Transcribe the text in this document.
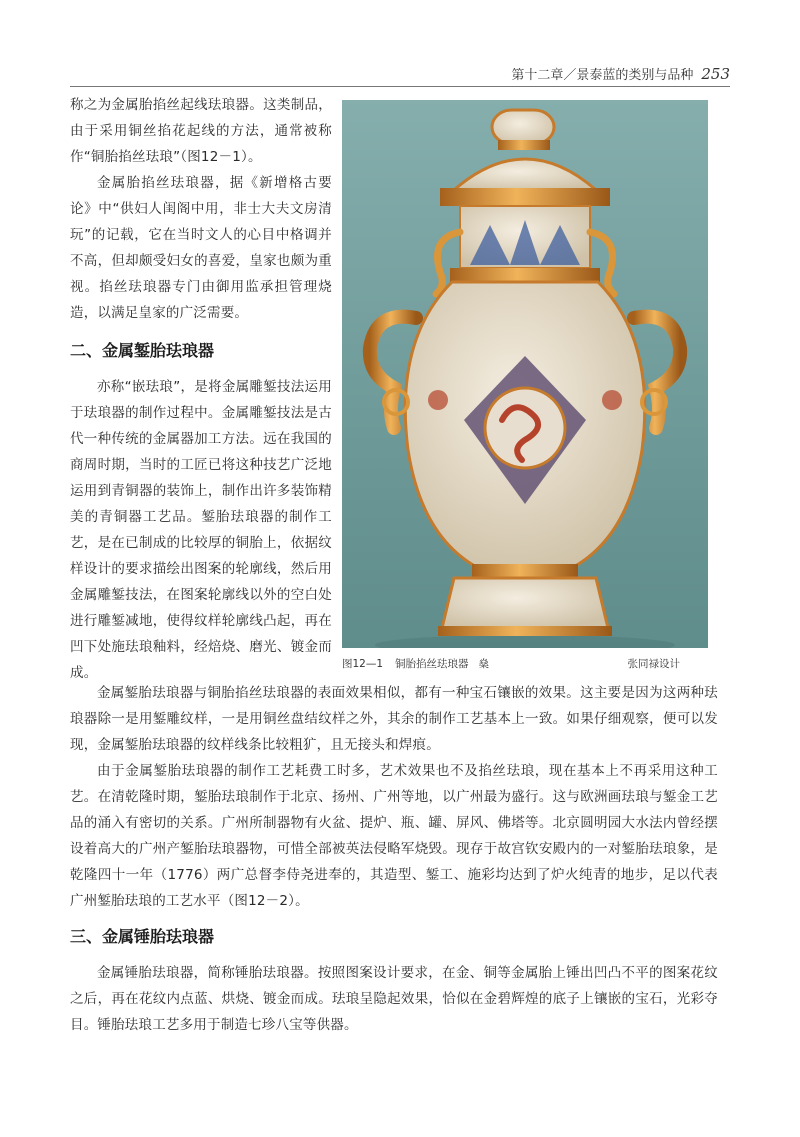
第十二章／景泰蓝的类别与品种 253

称之为金属胎掐丝起线珐琅器。这类制品，由于采用铜丝掐花起线的方法，通常被称作“铜胎掐丝珐琅”（图12－1）。

金属胎掐丝珐琅器，据《新增格古要论》中“供妇人闺阁中用，非士大夫文房清玩”的记载，它在当时文人的心目中格调并不高，但却颇受妇女的喜爱，皇家也颇为重视。掐丝珐琅器专门由御用监承担管理烧造，以满足皇家的广泛需要。

二、金属錾胎珐琅器

亦称“嵌珐琅”，是将金属雕錾技法运用于珐琅器的制作过程中。金属雕錾技法是古代一种传统的金属器加工方法。远在我国的商周时期，当时的工匠已将这种技艺广泛地运用到青铜器的装饰上，制作出许多装饰精美的青铜器工艺品。錾胎珐琅器的制作工艺，是在已制成的比较厚的铜胎上，依据纹样设计的要求描绘出图案的轮廓线，然后用金属雕錾技法，在图案轮廓线以外的空白处进行雕錾减地，使得纹样轮廓线凸起，再在凹下处施珐琅釉料，经焙烧、磨光、镀金而成。

图12—1 铜胎掐丝珐琅器 燊	张同禄设计

金属錾胎珐琅器与铜胎掐丝珐琅器的表面效果相似，都有一种宝石镶嵌的效果。这主要是因为这两种珐琅器除一是用錾雕纹样，一是用铜丝盘结纹样之外，其余的制作工艺基本上一致。如果仔细观察，便可以发现，金属錾胎珐琅器的纹样线条比较粗犷，且无接头和焊痕。

由于金属錾胎珐琅器的制作工艺耗费工时多，艺术效果也不及掐丝珐琅，现在基本上不再采用这种工艺。在清乾隆时期，錾胎珐琅制作于北京、扬州、广州等地，以广州最为盛行。这与欧洲画珐琅与錾金工艺品的涌入有密切的关系。广州所制器物有火盆、提炉、瓶、罐、屏风、佛塔等。北京圆明园大水法内曾经摆设着高大的广州产錾胎珐琅器物，可惜全部被英法侵略军烧毁。现存于故宫钦安殿内的一对錾胎珐琅象，是乾隆四十一年（1776）两广总督李侍尧进奉的，其造型、錾工、施彩均达到了炉火纯青的地步，足以代表广州錾胎珐琅的工艺水平（图12－2）。

三、金属锤胎珐琅器

金属锤胎珐琅器，简称锤胎珐琅器。按照图案设计要求，在金、铜等金属胎上锤出凹凸不平的图案花纹之后，再在花纹内点蓝、烘烧、镀金而成。珐琅呈隐起效果，恰似在金碧辉煌的底子上镶嵌的宝石，光彩夺目。锤胎珐琅工艺多用于制造七珍八宝等供器。
